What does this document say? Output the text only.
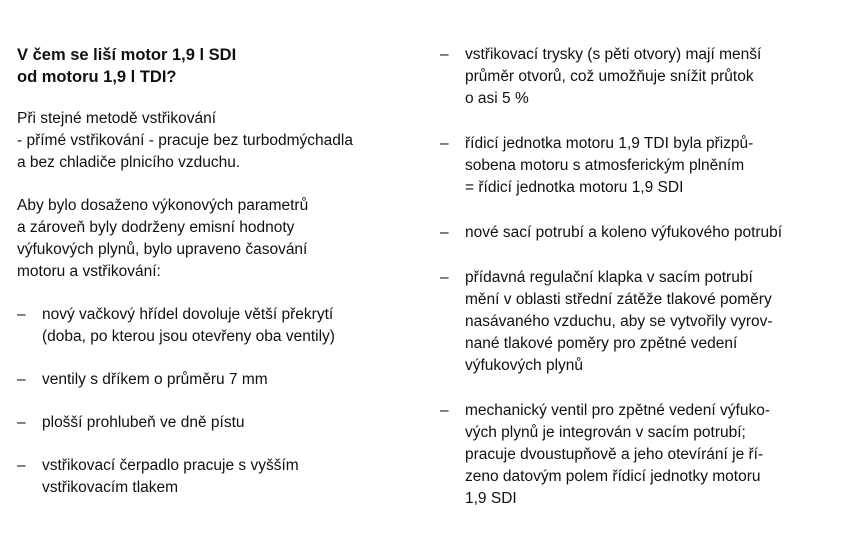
V čem se liší motor 1,9 l SDI
od motoru 1,9 l TDI?

Při stejné metodě vstřikování
- přímé vstřikování - pracuje bez turbodmýchadla
a bez chladiče plnicího vzduchu.

Aby bylo dosaženo výkonových parametrů
a zároveň byly dodrženy emisní hodnoty
výfukových plynů, bylo upraveno časování
motoru a vstřikování:

– nový vačkový hřídel dovoluje větší překrytí
(doba, po kterou jsou otevřeny oba ventily)
– ventily s dříkem o průměru 7 mm
– plošší prohlubeň ve dně pístu
– vstřikovací čerpadlo pracuje s vyšším
vstřikovacím tlakem
– vstřikovací trysky (s pěti otvory) mají menší
průměr otvorů, což umožňuje snížit průtok
o asi 5 %
– řídicí jednotka motoru 1,9 TDI byla přizpů-
sobena motoru s atmosferickým plněním
= řídicí jednotka motoru 1,9 SDI
– nové sací potrubí a koleno výfukového potrubí
– přídavná regulační klapka v sacím potrubí
mění v oblasti střední zátěže tlakové poměry
nasávaného vzduchu, aby se vytvořily vyrov-
nané tlakové poměry pro zpětné vedení
výfukových plynů
– mechanický ventil pro zpětné vedení výfuko-
vých plynů je integrován v sacím potrubí;
pracuje dvoustupňově a jeho otevírání je ří-
zeno datovým polem řídicí jednotky motoru
1,9 SDI
